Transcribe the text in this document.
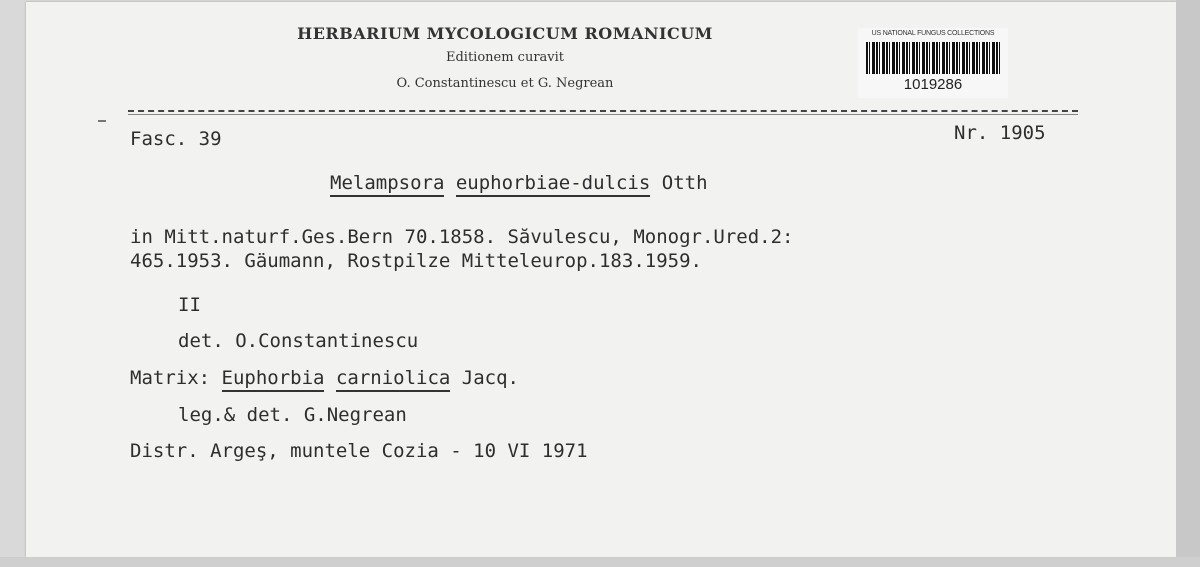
HERBARIUM MYCOLOGICUM ROMANICUM
Editionem curavit
O. Constantinescu et G. Negrean
US NATIONAL FUNGUS COLLECTIONS
1019286
Fasc. 39	Nr. 1905
Melampsora euphorbiae-dulcis Otth
in Mitt.naturf.Ges.Bern 70.1858. Săvulescu, Monogr.Ured.2:
465.1953. Gäumann, Rostpilze Mitteleurop.183.1959.
II
det. O.Constantinescu
Matrix: Euphorbia carniolica Jacq.
leg.& det. G.Negrean
Distr. Argeş, muntele Cozia - 10 VI 1971
